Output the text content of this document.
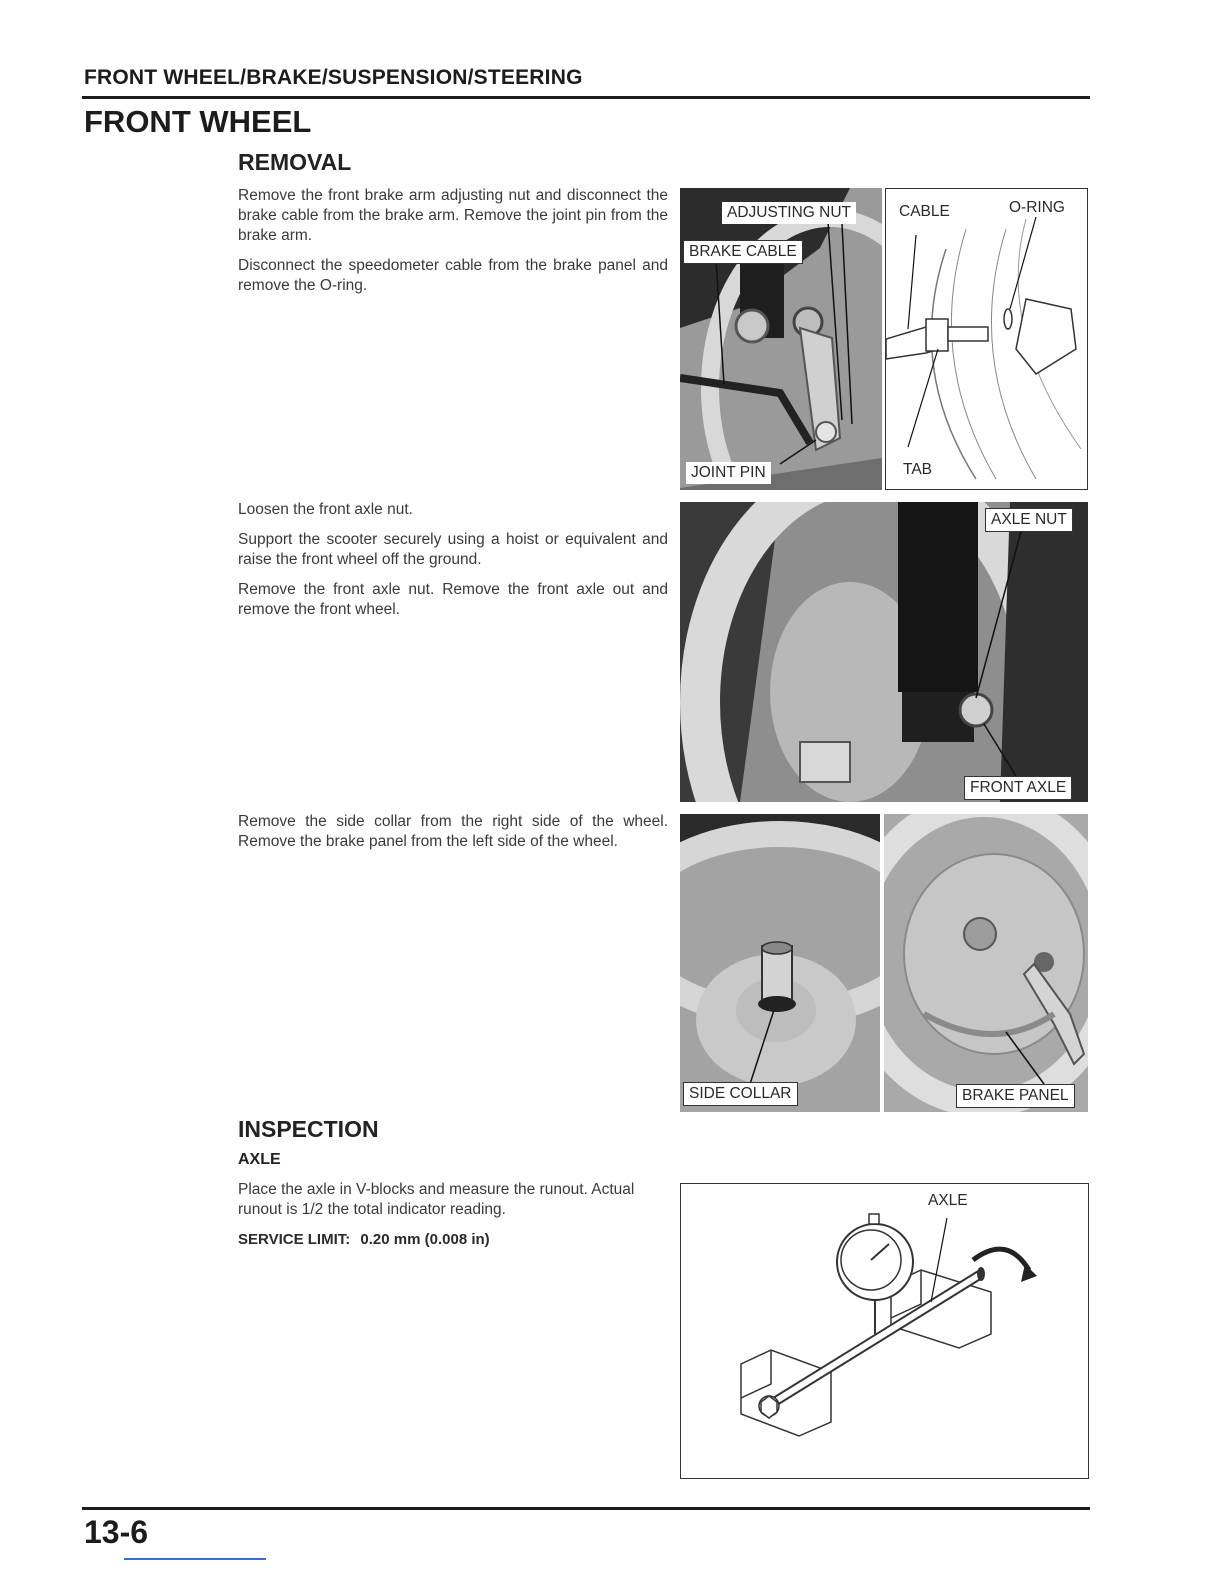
FRONT WHEEL/BRAKE/SUSPENSION/STEERING
FRONT WHEEL
REMOVAL

Remove the front brake arm adjusting nut and disconnect the brake cable from the brake arm. Remove the joint pin from the brake arm.

Disconnect the speedometer cable from the brake panel and remove the O-ring.

Loosen the front axle nut.

Support the scooter securely using a hoist or equivalent and raise the front wheel off the ground.

Remove the front axle nut. Remove the front axle out and remove the front wheel.

Remove the side collar from the right side of the wheel. Remove the brake panel from the left side of the wheel.

ADJUSTING NUT
BRAKE CABLE
JOINT PIN
CABLE	O-RING
TAB
AXLE NUT
FRONT AXLE
SIDE COLLAR	BRAKE PANEL
INSPECTION
AXLE

Place the axle in V-blocks and measure the runout. Actual runout is 1/2 the total indicator reading.

SERVICE LIMIT: 0.20 mm (0.008 in)
AXLE
13-6
